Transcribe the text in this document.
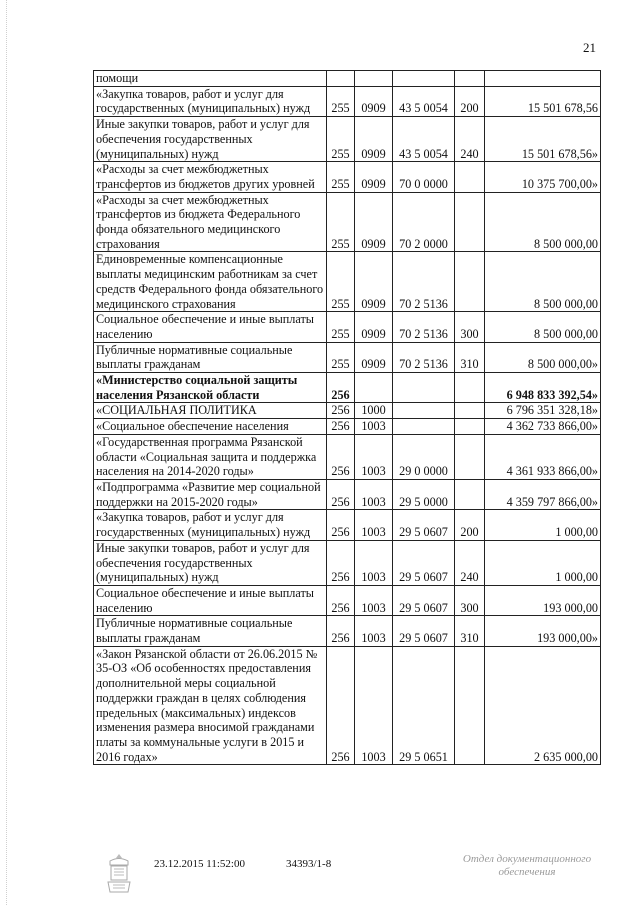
21
помощи					
«Закупка товаров, работ и услуг для государственных (муниципальных) нужд	255	0909	43 5 0054	200	15 501 678,56
Иные закупки товаров, работ и услуг для обеспечения государственных (муниципальных) нужд	255	0909	43 5 0054	240	15 501 678,56»
«Расходы за счет межбюджетных трансфертов из бюджетов других уровней	255	0909	70 0 0000		10 375 700,00»
«Расходы за счет межбюджетных трансфертов из бюджета Федерального фонда обязательного медицинского страхования	255	0909	70 2 0000		8 500 000,00
Единовременные компенсационные выплаты медицинским работникам за счет средств Федерального фонда обязательного медицинского страхования	255	0909	70 2 5136		8 500 000,00
Социальное обеспечение и иные выплаты населению	255	0909	70 2 5136	300	8 500 000,00
Публичные нормативные социальные выплаты гражданам	255	0909	70 2 5136	310	8 500 000,00»
«Министерство социальной защиты населения Рязанской области	256				6 948 833 392,54»
«СОЦИАЛЬНАЯ ПОЛИТИКА	256	1000			6 796 351 328,18»
«Социальное обеспечение населения	256	1003			4 362 733 866,00»
«Государственная программа Рязанской области «Социальная защита и поддержка населения на 2014-2020 годы»	256	1003	29 0 0000		4 361 933 866,00»
«Подпрограмма «Развитие мер социальной поддержки на 2015-2020 годы»	256	1003	29 5 0000		4 359 797 866,00»
«Закупка товаров, работ и услуг для государственных (муниципальных) нужд	256	1003	29 5 0607	200	1 000,00
Иные закупки товаров, работ и услуг для обеспечения государственных (муниципальных) нужд	256	1003	29 5 0607	240	1 000,00
Социальное обеспечение и иные выплаты населению	256	1003	29 5 0607	300	193 000,00
Публичные нормативные социальные выплаты гражданам	256	1003	29 5 0607	310	193 000,00»
«Закон Рязанской области от 26.06.2015 № 35-ОЗ «Об особенностях предоставления дополнительной меры социальной поддержки граждан в целях соблюдения предельных (максимальных) индексов изменения размера вносимой гражданами платы за коммунальные услуги в 2015 и 2016 годах»	256	1003	29 5 0651		2 635 000,00
23.12.2015 11:52:00	34393/1-8	Отдел документационного
обеспечения
